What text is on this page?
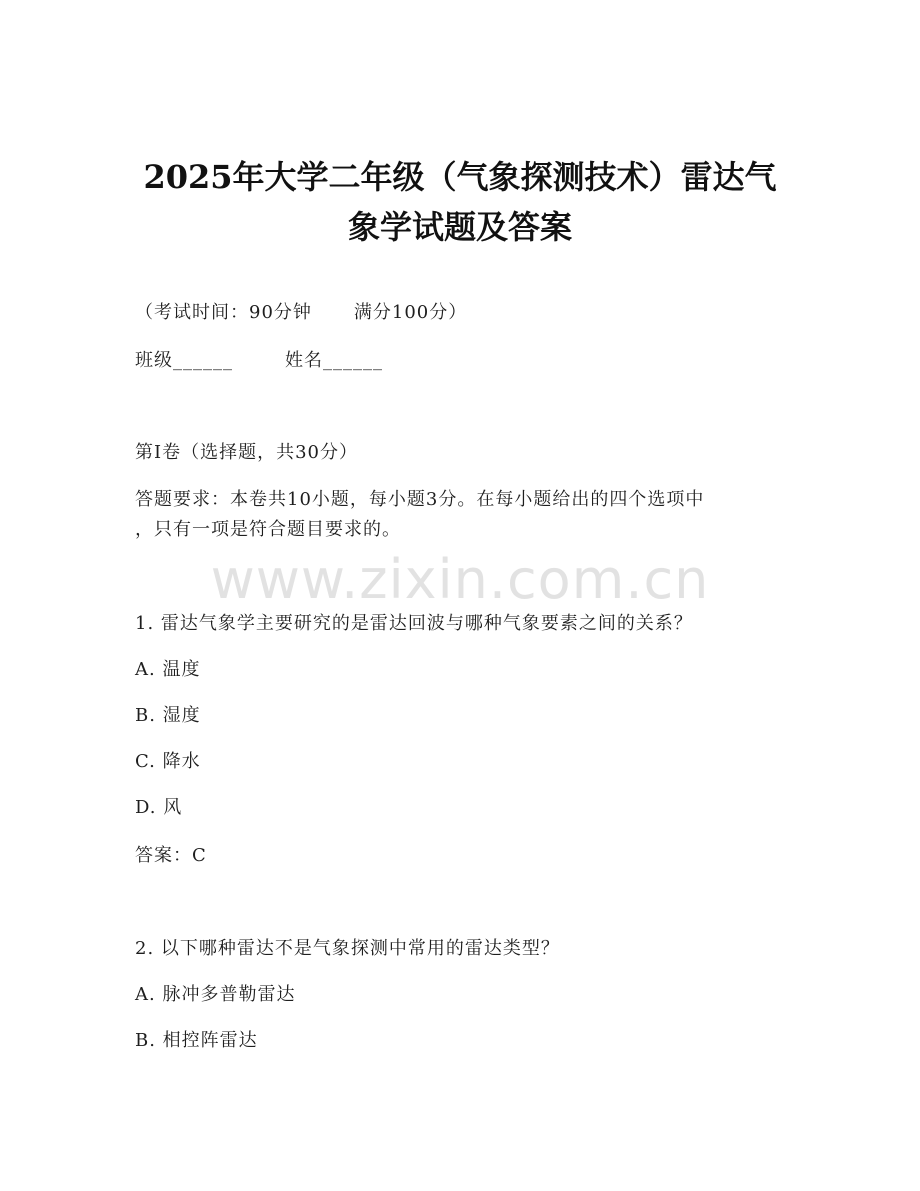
2025年大学二年级（气象探测技术）雷达气
象学试题及答案
（考试时间：90分钟 满分100分）
班级______	姓名______
第I卷（选择题，共30分）
答题要求：本卷共10小题，每小题3分。在每小题给出的四个选项中
，只有一项是符合题目要求的。
www.zixin.com.cn
1. 雷达气象学主要研究的是雷达回波与哪种气象要素之间的关系？
A. 温度
B. 湿度
C. 降水
D. 风
答案：C
2. 以下哪种雷达不是气象探测中常用的雷达类型？
A. 脉冲多普勒雷达
B. 相控阵雷达
